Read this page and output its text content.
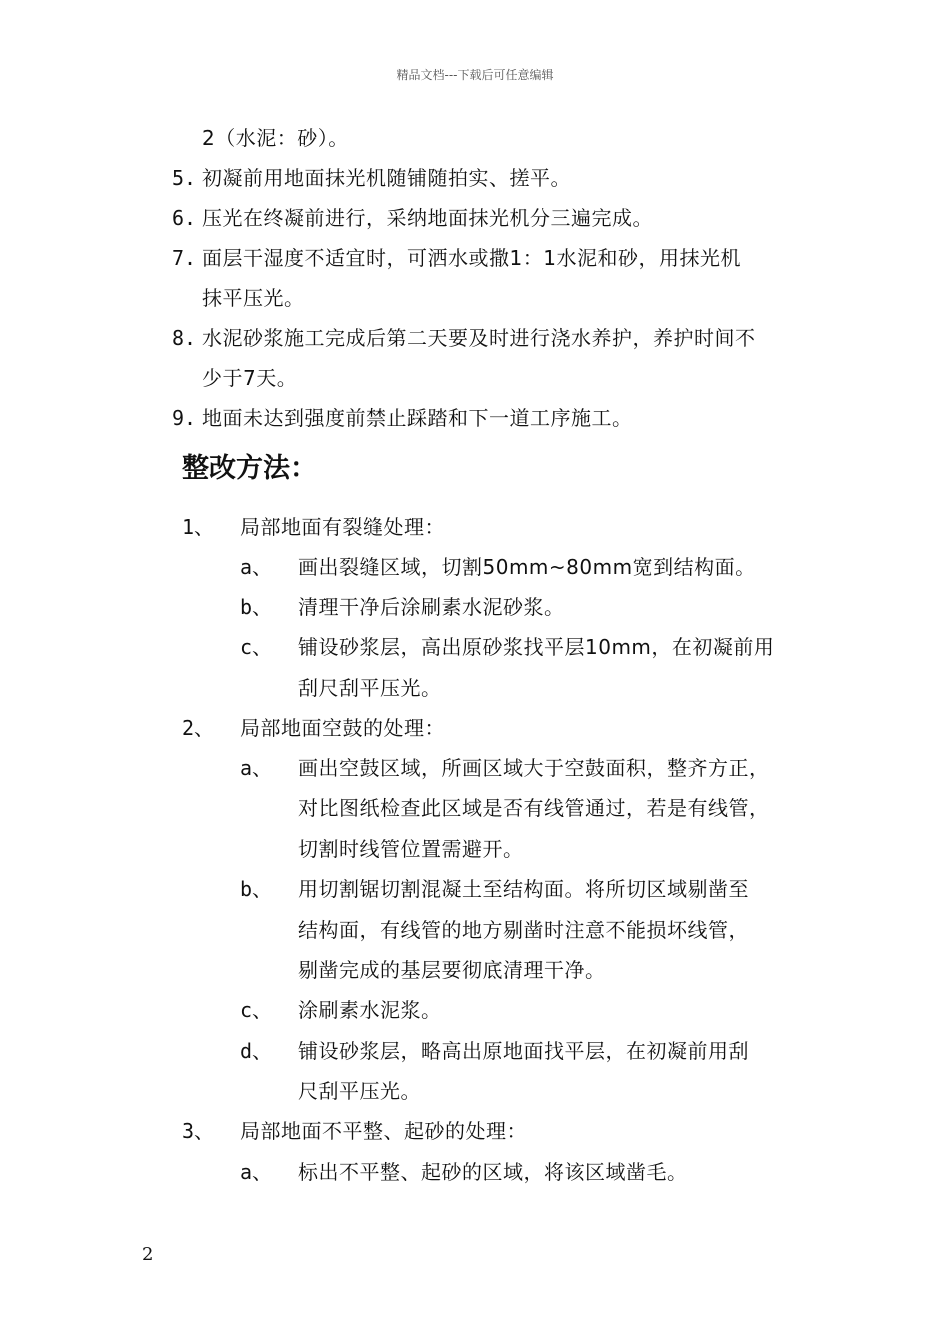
精品文档---下载后可任意编辑
2（水泥：砂）。
5. 初凝前用地面抹光机随铺随拍实、搓平。
6. 压光在终凝前进行，采纳地面抹光机分三遍完成。
7. 面层干湿度不适宜时，可洒水或撒1：1水泥和砂，用抹光机
抹平压光。
8. 水泥砂浆施工完成后第二天要及时进行浇水养护，养护时间不
少于7天。
9. 地面未达到强度前禁止踩踏和下一道工序施工。
整改方法：
1、 局部地面有裂缝处理：
a、 画出裂缝区域，切割50mm~80mm宽到结构面。
b、 清理干净后涂刷素水泥砂浆。
c、 铺设砂浆层，高出原砂浆找平层10mm，在初凝前用
刮尺刮平压光。
2、 局部地面空鼓的处理：
a、 画出空鼓区域，所画区域大于空鼓面积，整齐方正，
对比图纸检查此区域是否有线管通过，若是有线管，
切割时线管位置需避开。
b、 用切割锯切割混凝土至结构面。将所切区域剔凿至
结构面，有线管的地方剔凿时注意不能损坏线管，
剔凿完成的基层要彻底清理干净。
c、 涂刷素水泥浆。
d、 铺设砂浆层，略高出原地面找平层，在初凝前用刮
尺刮平压光。
3、 局部地面不平整、起砂的处理：
a、 标出不平整、起砂的区域，将该区域凿毛。
2
